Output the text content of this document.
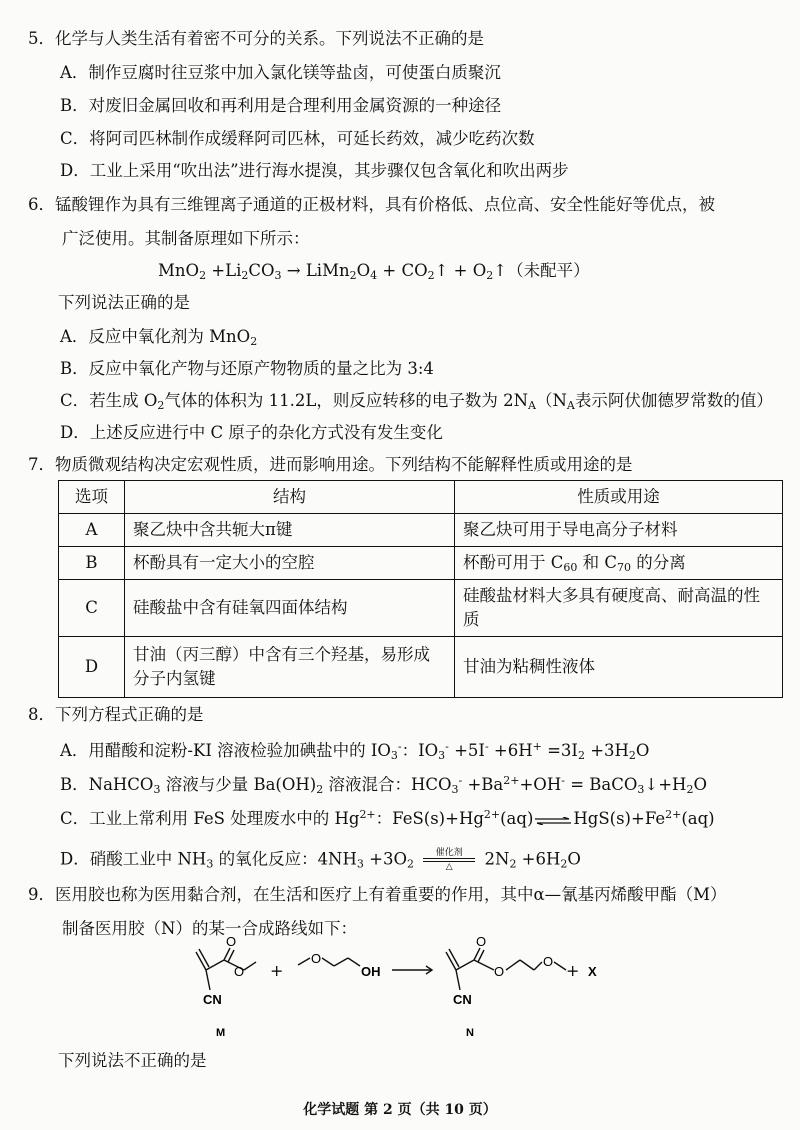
5．化学与人类生活有着密不可分的关系。下列说法不正确的是
A．制作豆腐时往豆浆中加入氯化镁等盐卤，可使蛋白质聚沉
B．对废旧金属回收和再利用是合理利用金属资源的一种途径
C．将阿司匹林制作成缓释阿司匹林，可延长药效，减少吃药次数
D．工业上采用“吹出法”进行海水提溴，其步骤仅包含氧化和吹出两步
6．锰酸锂作为具有三维锂离子通道的正极材料，具有价格低、点位高、安全性能好等优点，被
广泛使用。其制备原理如下所示：
$MnO_2 +Li_2CO_3$ → $LiMn_2O_4$ + $CO_2↑$ + $O_2↑$（未配平）
下列说法正确的是
A．反应中氧化剂为 MnO$_2$
B．反应中氧化产物与还原产物物质的量之比为 3:4
C．若生成 $O_2$气体的体积为 11.2L，则反应转移的电子数为 $2N_A(N_A$表示阿伏伽德罗常数的值）
D．上述反应进行中 C 原子的杂化方式没有发生变化
7．物质微观结构决定宏观性质，进而影响用途。下列结构不能解释性质或用途的是
选项	结构	性质或用途
A	聚乙炔中含共轭大π键	聚乙炔可用于导电高分子材料
B	杯酚具有一定大小的空腔	杯酚可用于 $C_{60}$ 和 $C_{70}$ 的分离
C	硅酸盐中含有硅氧四面体结构	硅酸盐材料大多具有硬度高、耐高温的性质
D	甘油（丙三醇）中含有三个羟基，易形成分子内氢键	甘油为粘稠性液体
8．下列方程式正确的是
A．用醋酸和淀粉-KI 溶液检验加碘盐中的 $IO_3^-$：$IO_3^- +5I^- +6H^+ =3I_2 +3H_2O$
B．NaHCO$_3$ 溶液与少量 $Ba(OH)_2$ 溶液混合：$HCO_3^- +Ba^{2+}+OH^-$ = $BaCO_3↓+H_2O$
C．工业上常利用 FeS 处理废水中的 $Hg^{2+}$：$FeS(s)+Hg^{2+}(aq)$ $HgS(s)+Fe^{2+}(aq)$
D．硝酸工业中 $NH_3$ 的氧化反应：$4NH_3 +3O_2$
催化剂
△	$2N_2 +6H_2O$
9．医用胶也称为医用黏合剂，在生活和医疗上有着重要的作用，其中α—氰基丙烯酸甲酯（M）
制备医用胶（N）的某一合成路线如下：
O
O
CN
M
+
O
OH
O
O
O
CN
N
+ X
下列说法不正确的是
化学试题 第 2 页（共 10 页）
